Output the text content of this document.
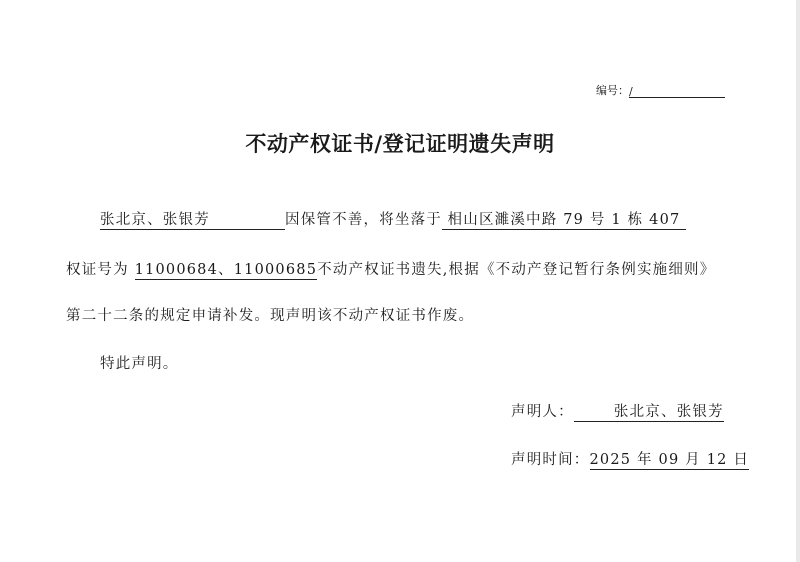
编号：/
不动产权证书/登记证明遗失声明
张北京、张银芳	因保管不善，将坐落于 相山区濉溪中路 79 号 1 栋 407
权证号为 11000684、11000685不动产权证书遗失,根据《不动产登记暂行条例实施细则》
第二十二条的规定申请补发。现声明该不动产权证书作废。
特此声明。
声明人：	张北京、张银芳
声明时间：2025 年 09 月 12 日
